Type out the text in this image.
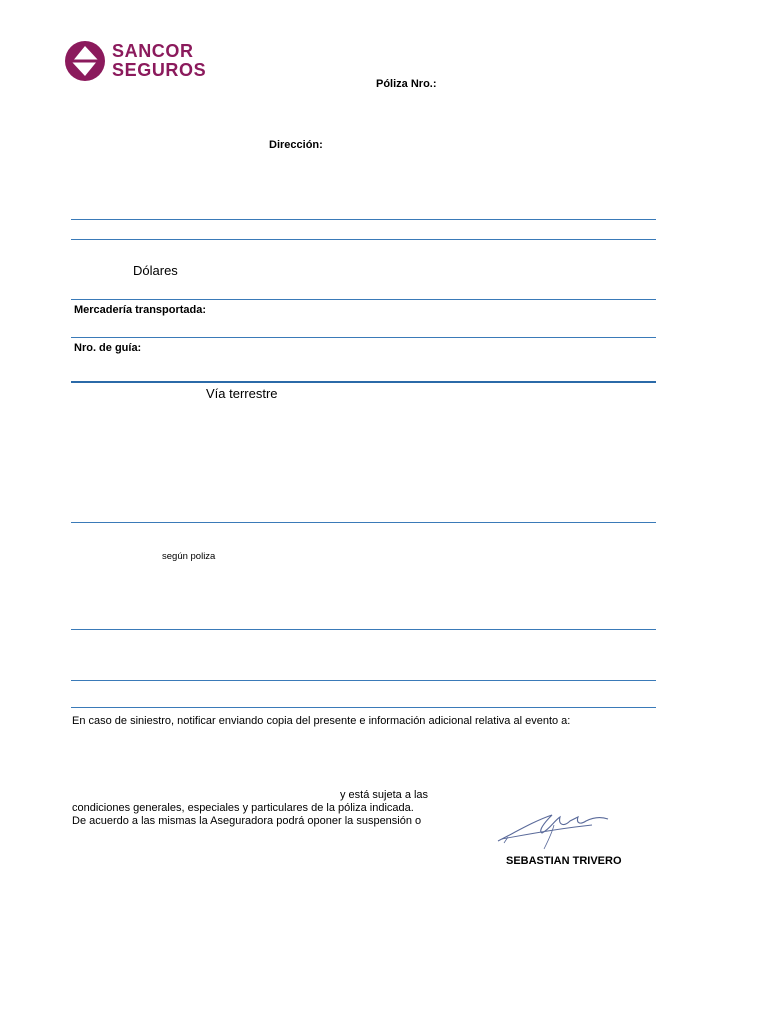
SANCOR
SEGUROS
Póliza Nro.:
Dirección:
Dólares
Mercadería transportada:
Nro. de guía:
Vía terrestre
según poliza
En caso de siniestro, notificar enviando copia del presente e información adicional relativa al evento a:
y está sujeta a las
condiciones generales, especiales y particulares de la póliza indicada.
De acuerdo a las mismas la Aseguradora podrá oponer la suspensión o
SEBASTIAN TRIVERO
